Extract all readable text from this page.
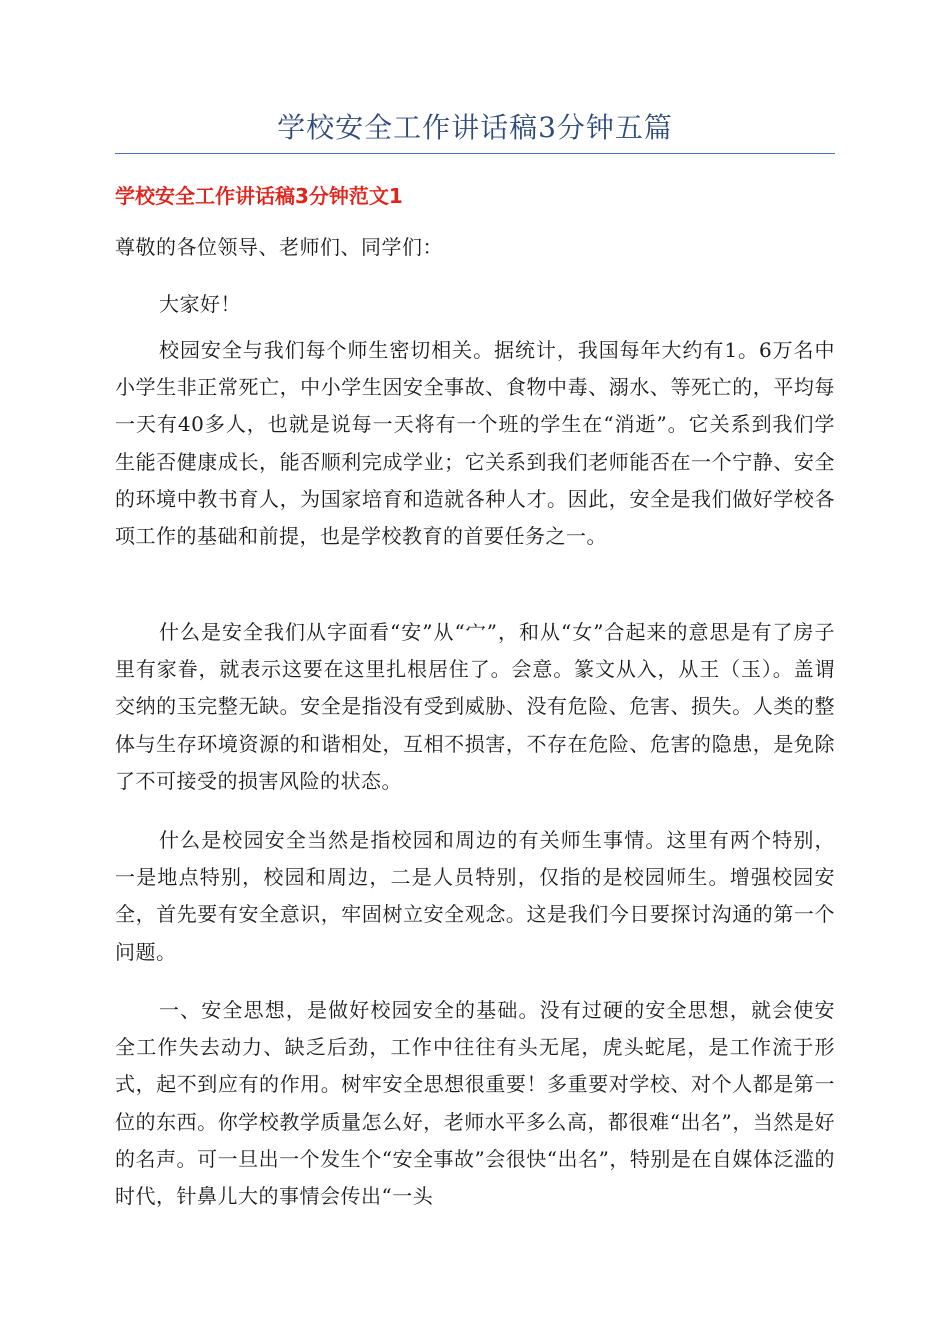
学校安全工作讲话稿3分钟五篇
学校安全工作讲话稿3分钟范文1

尊敬的各位领导、老师们、同学们：

大家好！

校园安全与我们每个师生密切相关。据统计，我国每年大约有1。6万名中小学生非正常死亡，中小学生因安全事故、食物中毒、溺水、等死亡的，平均每一天有40多人，也就是说每一天将有一个班的学生在“消逝”。它关系到我们学生能否健康成长，能否顺利完成学业；它关系到我们老师能否在一个宁静、安全的环境中教书育人，为国家培育和造就各种人才。因此，安全是我们做好学校各项工作的基础和前提，也是学校教育的首要任务之一。

什么是安全我们从字面看“安”从“宀”，和从“女”合起来的意思是有了房子里有家眷，就表示这要在这里扎根居住了。会意。篆文从入，从王（玉）。盖谓交纳的玉完整无缺。安全是指没有受到威胁、没有危险、危害、损失。人类的整体与生存环境资源的和谐相处，互相不损害，不存在危险、危害的隐患，是免除了不可接受的损害风险的状态。

什么是校园安全当然是指校园和周边的有关师生事情。这里有两个特别，一是地点特别，校园和周边，二是人员特别，仅指的是校园师生。增强校园安全，首先要有安全意识，牢固树立安全观念。这是我们今日要探讨沟通的第一个问题。

一、安全思想，是做好校园安全的基础。没有过硬的安全思想，就会使安全工作失去动力、缺乏后劲，工作中往往有头无尾，虎头蛇尾，是工作流于形式，起不到应有的作用。树牢安全思想很重要！多重要对学校、对个人都是第一位的东西。你学校教学质量怎么好，老师水平多么高，都很难“出名”，当然是好的名声。可一旦出一个发生个“安全事故”会很快“出名”，特别是在自媒体泛滥的时代，针鼻儿大的事情会传出“一头
